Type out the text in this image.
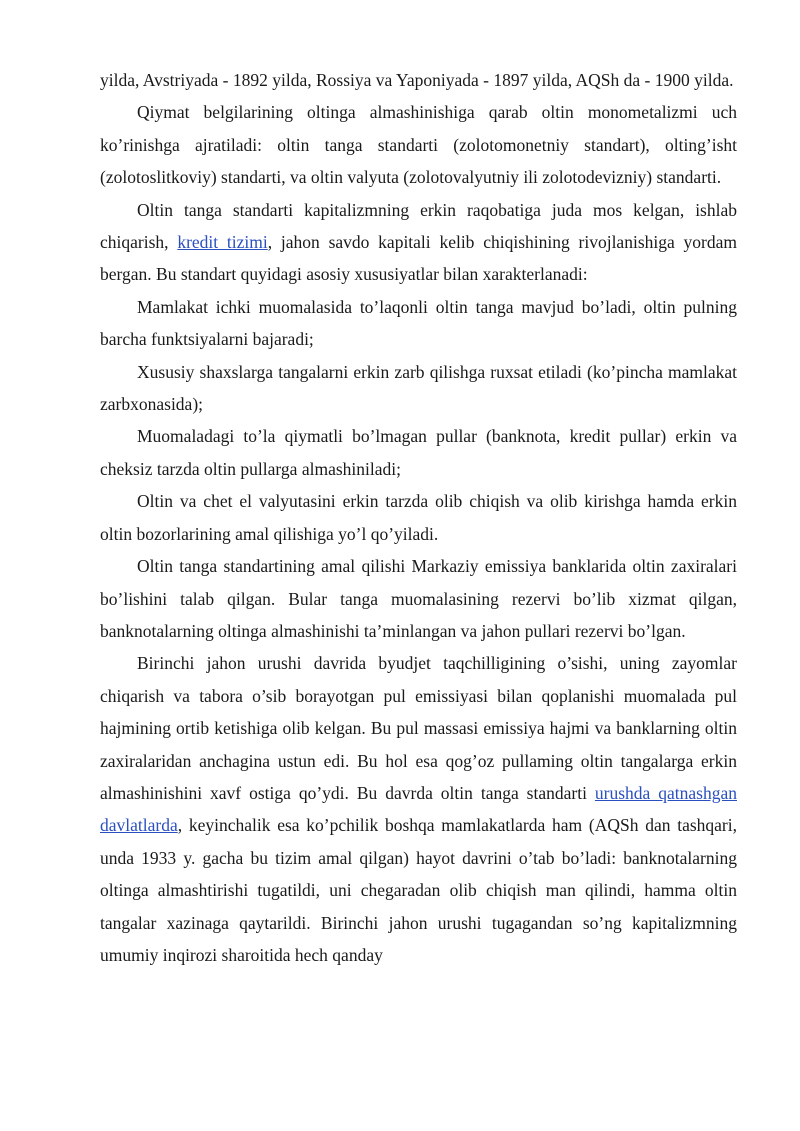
yilda, Avstriyada - 1892 yilda, Rossiya va Yaponiyada - 1897 yilda, AQSh da - 1900 yilda.

Qiymat belgilarining oltinga almashinishiga qarab oltin monometalizmi uch ko’rinishga ajratiladi: oltin tanga standarti (zolotomonetniy standart), olting’isht (zolotoslitkoviy) standarti, va oltin valyuta (zolotovalyutniy ili zolotodevizniy) standarti.

Oltin tanga standarti kapitalizmning erkin raqobatiga juda mos kelgan, ishlab chiqarish, kredit tizimi, jahon savdo kapitali kelib chiqishining rivojlanishiga yordam bergan. Bu standart quyidagi asosiy xususiyatlar bilan xarakterlanadi:

Mamlakat ichki muomalasida to’laqonli oltin tanga mavjud bo’ladi, oltin pulning barcha funktsiyalarni bajaradi;

Xususiy shaxslarga tangalarni erkin zarb qilishga ruxsat etiladi (ko’pincha mamlakat zarbxonasida);

Muomaladagi to’la qiymatli bo’lmagan pullar (banknota, kredit pullar) erkin va cheksiz tarzda oltin pullarga almashiniladi;

Oltin va chet el valyutasini erkin tarzda olib chiqish va olib kirishga hamda erkin oltin bozorlarining amal qilishiga yo’l qo’yiladi.

Oltin tanga standartining amal qilishi Markaziy emissiya banklarida oltin zaxiralari bo’lishini talab qilgan. Bular tanga muomalasining rezervi bo’lib xizmat qilgan, banknotalarning oltinga almashinishi ta’minlangan va jahon pullari rezervi bo’lgan.

Birinchi jahon urushi davrida byudjet taqchilligining o’sishi, uning zayomlar chiqarish va tabora o’sib borayotgan pul emissiyasi bilan qoplanishi muomalada pul hajmining ortib ketishiga olib kelgan. Bu pul massasi emissiya hajmi va banklarning oltin zaxiralaridan anchagina ustun edi. Bu hol esa qog’oz pullaming oltin tangalarga erkin almashinishini xavf ostiga qo’ydi. Bu davrda oltin tanga standarti urushda qatnashgan davlatlarda, keyinchalik esa ko’pchilik boshqa mamlakatlarda ham (AQSh dan tashqari, unda 1933 y. gacha bu tizim amal qilgan) hayot davrini o’tab bo’ladi: banknotalarning oltinga almashtirishi tugatildi, uni chegaradan olib chiqish man qilindi, hamma oltin tangalar xazinaga qaytarildi. Birinchi jahon urushi tugagandan so’ng kapitalizmning umumiy inqirozi sharoitida hech qanday
